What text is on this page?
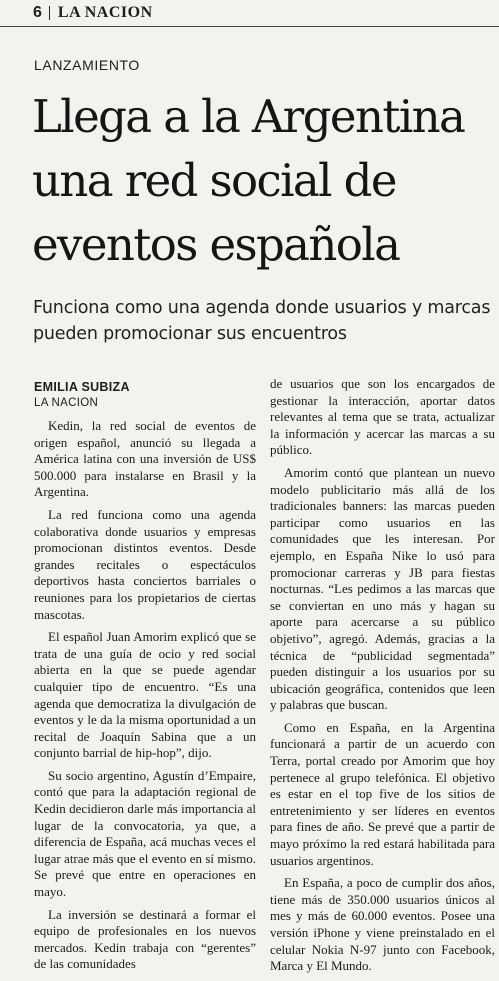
6 LA NACION
LANZAMIENTO
Llega a la Argentina
una red social de
eventos española

Funciona como una agenda donde usuarios y marcas pueden promocionar sus encuentros

EMILIA SUBIZA
LA NACION

Kedin, la red social de eventos de origen español, anunció su llegada a América latina con una inversión de US$ 500.000 para instalarse en Brasil y la Argentina.

La red funciona como una agenda colaborativa donde usuarios y empresas promocionan distintos eventos. Desde grandes recitales o espectáculos deportivos hasta conciertos barriales o reuniones para los propietarios de ciertas mascotas.

El español Juan Amorim explicó que se trata de una guía de ocio y red social abierta en la que se puede agendar cualquier tipo de encuentro. “Es una agenda que democratiza la divulgación de eventos y le da la misma oportunidad a un recital de Joaquín Sabina que a un conjunto barrial de hip-hop”, dijo.

Su socio argentino, Agustín d’Empaire, contó que para la adaptación regional de Kedin decidieron darle más importancia al lugar de la convocatoria, ya que, a diferencia de España, acá muchas veces el lugar atrae más que el evento en sí mismo. Se prevé que entre en operaciones en mayo.

La inversión se destinará a formar el equipo de profesionales en los nuevos mercados. Kedin trabaja con “gerentes” de las comunidades

de usuarios que son los encargados de gestionar la interacción, aportar datos relevantes al tema que se trata, actualizar la información y acercar las marcas a su público.

Amorim contó que plantean un nuevo modelo publicitario más allá de los tradicionales banners: las marcas pueden participar como usuarios en las comunidades que les interesan. Por ejemplo, en España Nike lo usó para promocionar carreras y JB para fiestas nocturnas. “Les pedimos a las marcas que se conviertan en uno más y hagan su aporte para acercarse a su público objetivo”, agregó. Además, gracias a la técnica de “publicidad segmentada” pueden distinguir a los usuarios por su ubicación geográfica, contenidos que leen y palabras que buscan.

Como en España, en la Argentina funcionará a partir de un acuerdo con Terra, portal creado por Amorim que hoy pertenece al grupo telefónica. El objetivo es estar en el top five de los sitios de entretenimiento y ser líderes en eventos para fines de año. Se prevé que a partir de mayo próximo la red estará habilitada para usuarios argentinos.

En España, a poco de cumplir dos años, tiene más de 350.000 usuarios únicos al mes y más de 60.000 eventos. Posee una versión iPhone y viene preinstalado en el celular Nokia N-97 junto con Facebook, Marca y El Mundo.
